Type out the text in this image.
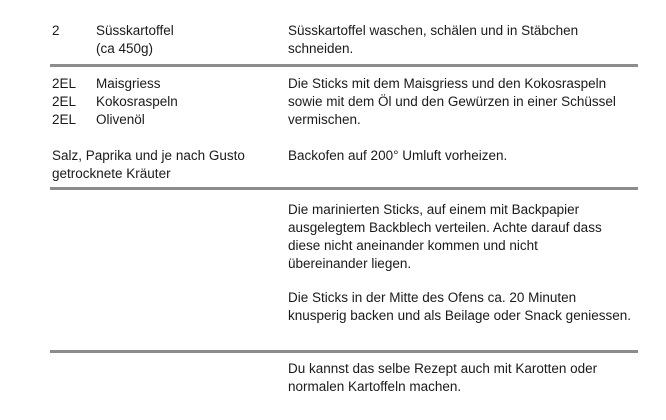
2	Süsskartoffel
(ca 450g)
Süsskartoffel waschen, schälen und in Stäbchen
schneiden.
2EL Maisgriess
2EL Kokosraspeln
2EL Olivenöl
Salz, Paprika und je nach Gusto
getrocknete Kräuter
Die Sticks mit dem Maisgriess und den Kokosraspeln
sowie mit dem Öl und den Gewürzen in einer Schüssel
vermischen.
Backofen auf 200° Umluft vorheizen.
Die marinierten Sticks, auf einem mit Backpapier
ausgelegtem Backblech verteilen. Achte darauf dass
diese nicht aneinander kommen und nicht
übereinander liegen.
Die Sticks in der Mitte des Ofens ca. 20 Minuten
knusperig backen und als Beilage oder Snack geniessen.
Du kannst das selbe Rezept auch mit Karotten oder
normalen Kartoffeln machen.
